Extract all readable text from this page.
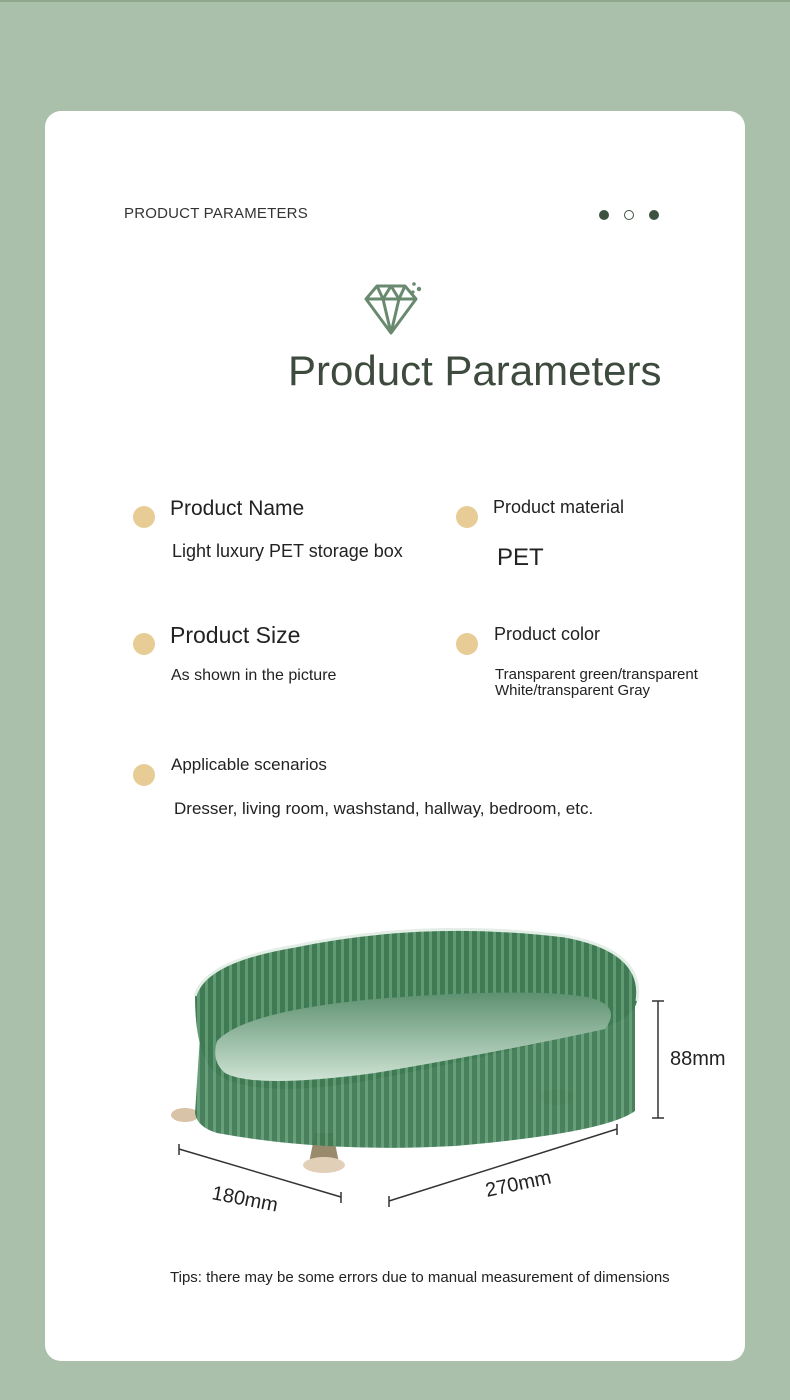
PRODUCT PARAMETERS
Product Parameters
Product Name
Light luxury PET storage box
Product material
PET
Product Size
As shown in the picture
Product color
Transparent green/transparent
White/transparent Gray
Applicable scenarios
Dresser, living room, washstand, hallway, bedroom, etc.
88mm
180mm	270mm
Tips: there may be some errors due to manual measurement of dimensions
